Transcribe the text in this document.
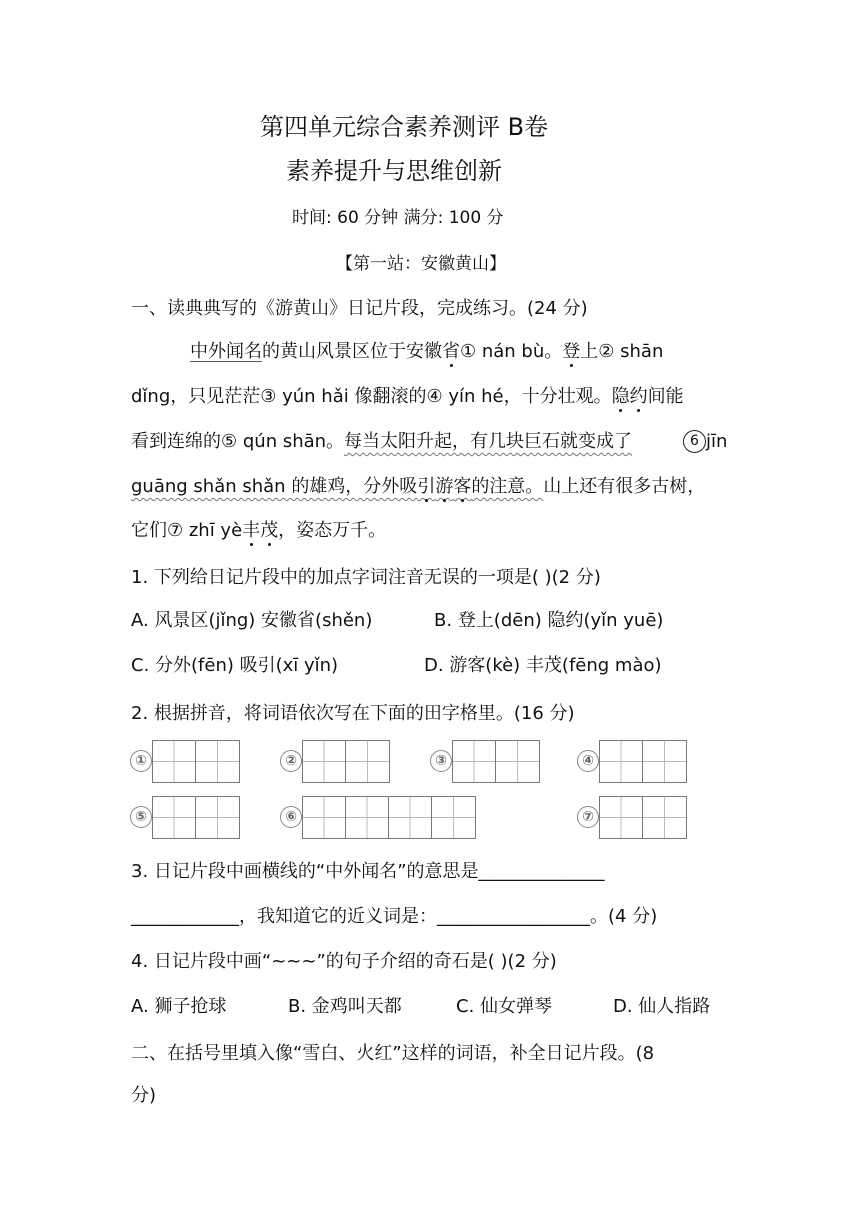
第四单元综合素养测评 B卷
素养提升与思维创新
时间: 60 分钟 满分: 100 分
【第一站：安徽黄山】
一、读典典写的《游黄山》日记片段，完成练习。(24 分)
中外闻名的黄山风景区位于安徽省① nán bù。登上② shān
dǐng，只见茫茫③ yún hǎi 像翻滚的④ yín hé，十分壮观。隐约间能
看到连绵的⑤ qún shān。每当太阳升起，有几块巨石就变成了	6 jīn
guāng shǎn shǎn 的雄鸡，分外吸引游客的注意。山上还有很多古树，
它们⑦ zhī yè丰茂，姿态万千。
1. 下列给日记片段中的加点字词注音无误的一项是( )(2 分)
A. 风景区(jǐng) 安徽省(shěn)	B. 登上(dēn) 隐约(yǐn yuē)
C. 分外(fēn) 吸引(xī yǐn)	D. 游客(kè) 丰茂(fēng mào)
2. 根据拼音，将词语依次写在下面的田字格里。(16 分)
①	②	③	④
⑤	⑥	⑦
3. 日记片段中画横线的“中外闻名”的意思是______________
____________，我知道它的近义词是：_________________。(4 分)
4. 日记片段中画“~~~”的句子介绍的奇石是( )(2 分)
A. 狮子抢球	B. 金鸡叫天都	C. 仙女弹琴	D. 仙人指路
二、在括号里填入像“雪白、火红”这样的词语，补全日记片段。(8
分)
